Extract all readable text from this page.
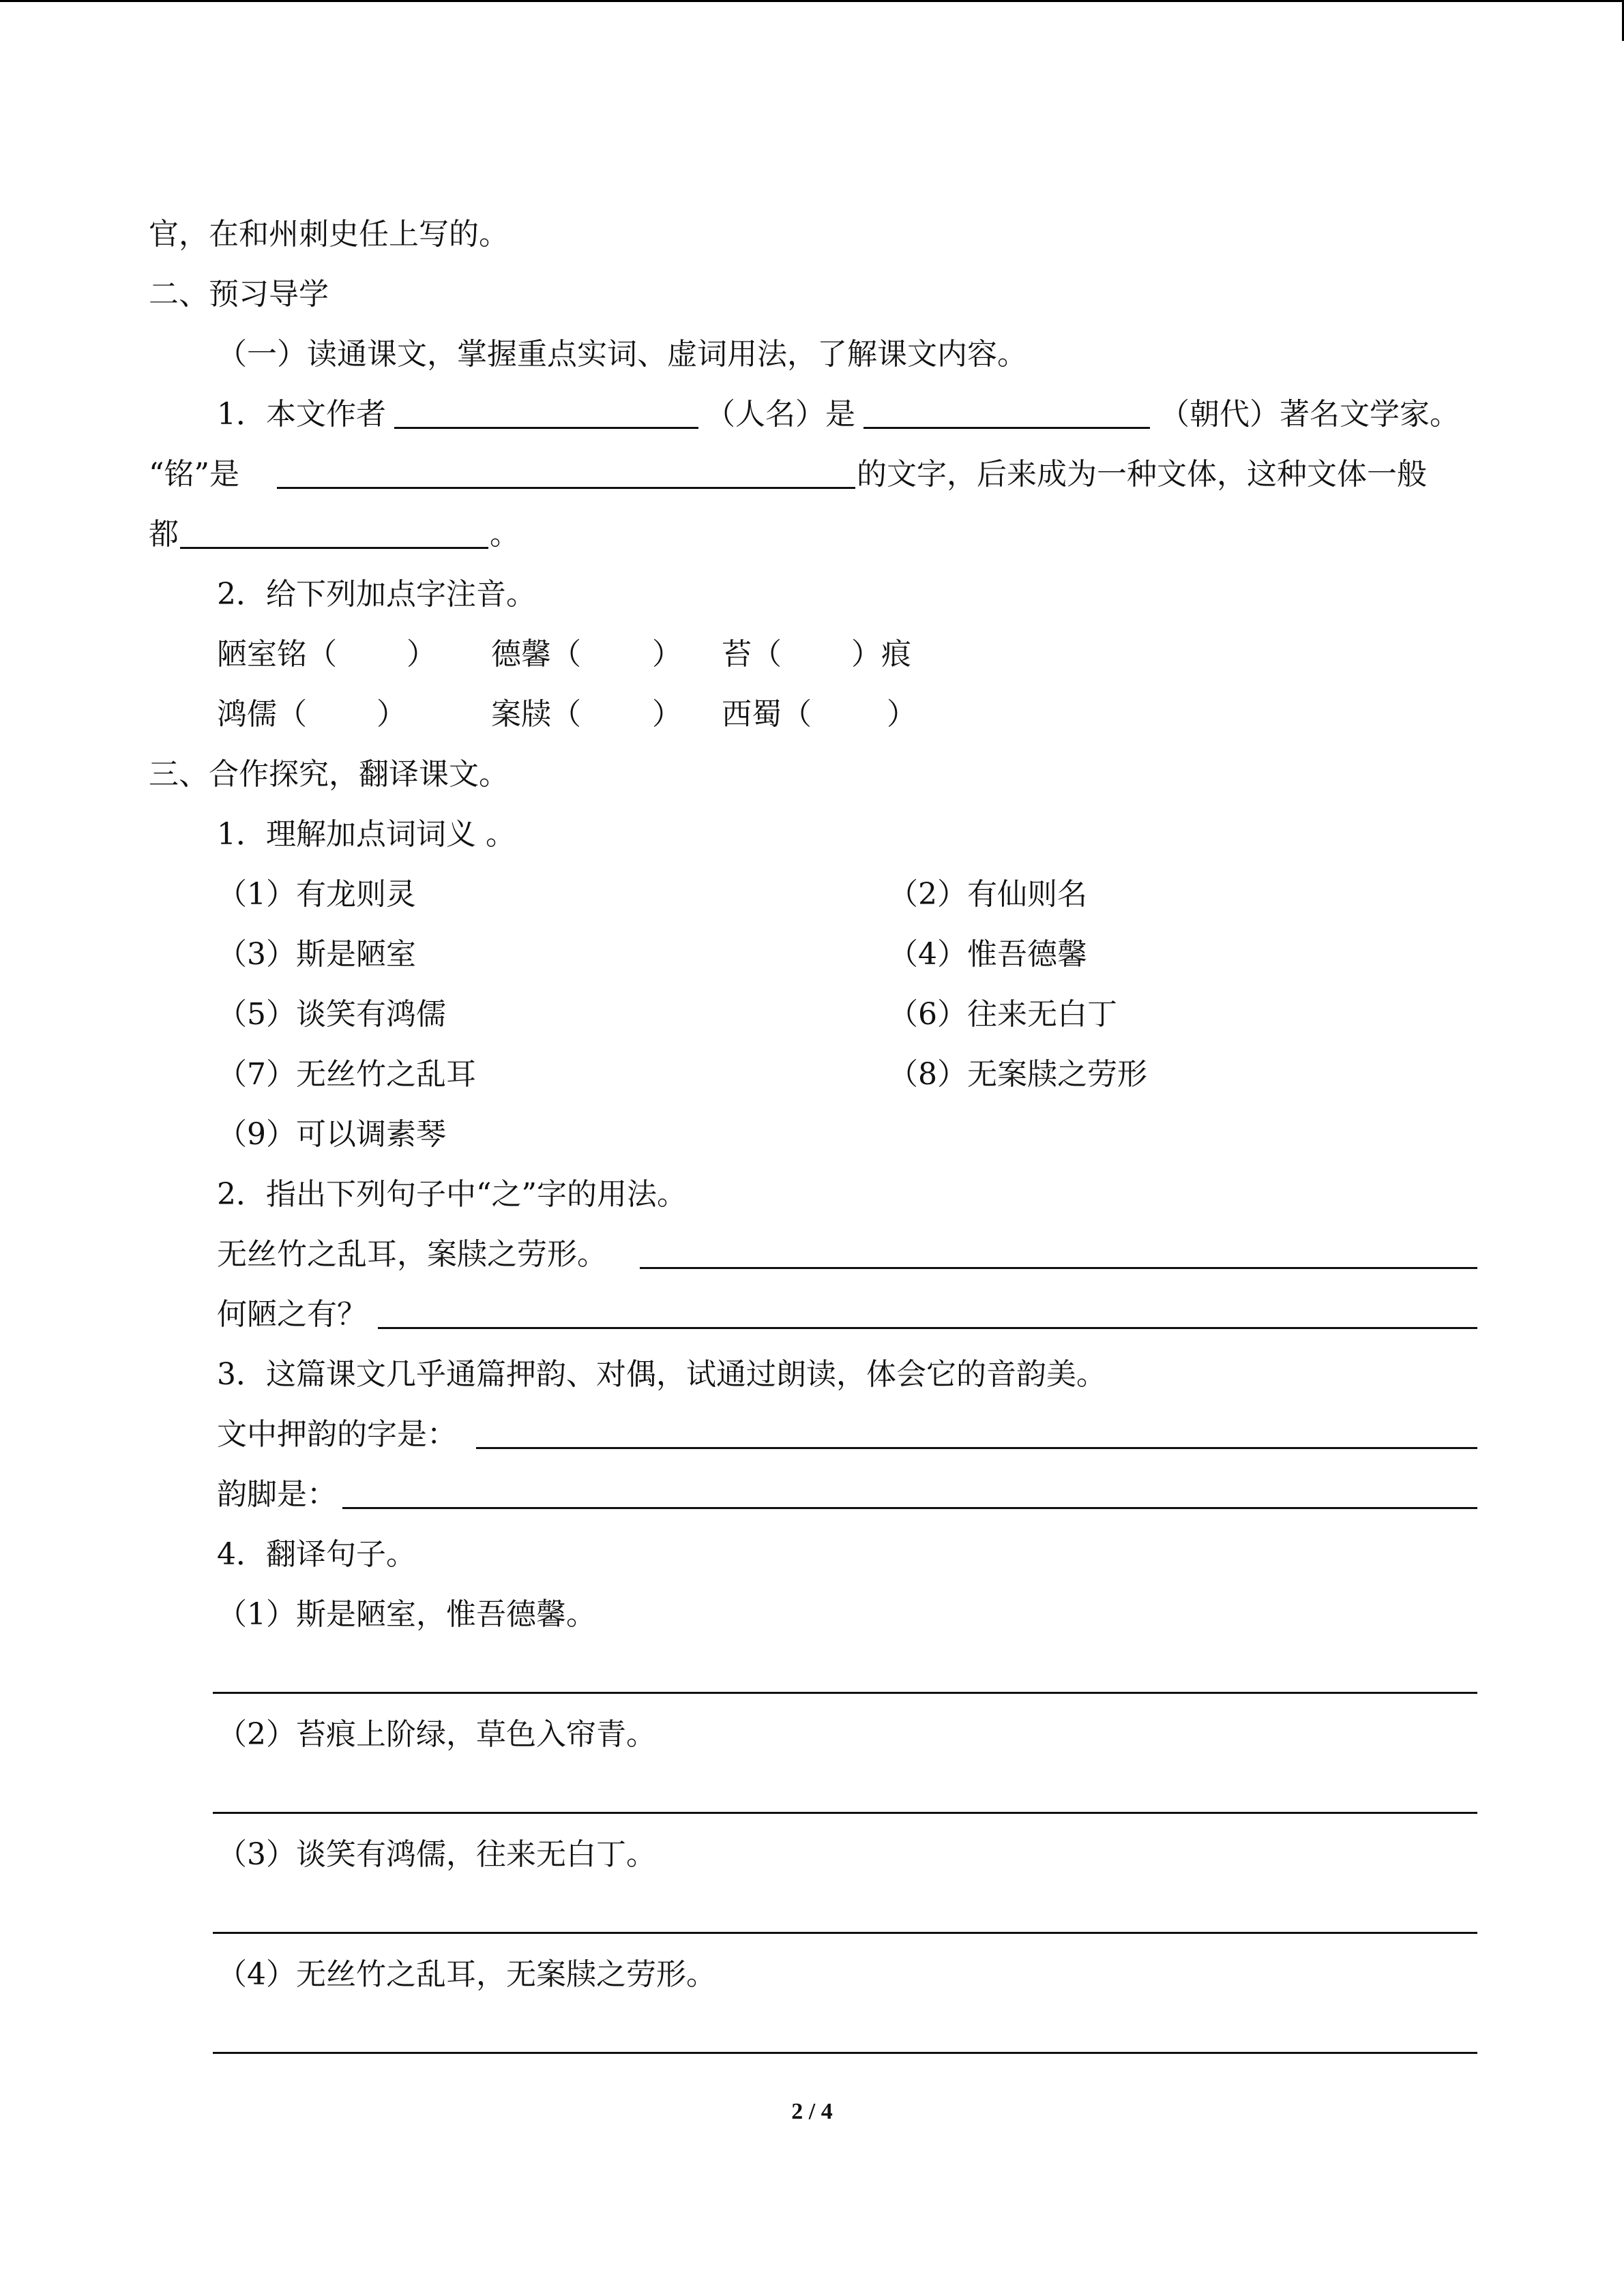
官，在和州刺史任上写的。
二、预习导学
（一）读通课文，掌握重点实词、虚词用法，了解课文内容。
1．本文作者	（人名）是	（朝代）著名文学家。
“铭”是	的文字，后来成为一种文体，这种文体一般
都	。
2．给下列加点字注音。
陋室铭（ ） 德馨（ ） 苔（ ）痕
鸿儒（ ）	案牍（ ） 西蜀（	）
三、合作探究，翻译课文。
1．理解加点词词义 。
（1）有龙则灵	（2）有仙则名
（3）斯是陋室	（4）惟吾德馨
（5）谈笑有鸿儒	（6）往来无白丁
（7）无丝竹之乱耳	（8）无案牍之劳形
（9）可以调素琴
2．指出下列句子中“之”字的用法。
无丝竹之乱耳，案牍之劳形。
何陋之有？
3．这篇课文几乎通篇押韵、对偶，试通过朗读，体会它的音韵美。
文中押韵的字是：
韵脚是：
4．翻译句子。
（1）斯是陋室，惟吾德馨。
（2）苔痕上阶绿，草色入帘青。
（3）谈笑有鸿儒，往来无白丁。
（4）无丝竹之乱耳，无案牍之劳形。
2 / 4
